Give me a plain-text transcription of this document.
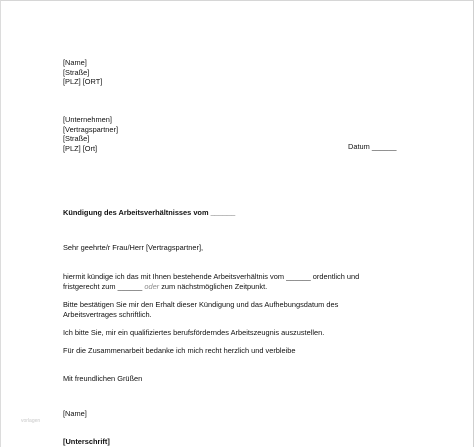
[Name]
[Straße]
[PLZ] [ORT]
[Unternehmen]
[Vertragspartner]
[Straße]
[PLZ] [Ort]	Datum ______
Kündigung des Arbeitsverhältnisses vom ______
Sehr geehrte/r Frau/Herr [Vertragspartner],
hiermit kündige ich das mit Ihnen bestehende Arbeitsverhältnis vom ______ ordentlich und
fristgerecht zum ______ oder zum nächstmöglichen Zeitpunkt.
Bitte bestätigen Sie mir den Erhalt dieser Kündigung und das Aufhebungsdatum des
Arbeitsvertrages schriftlich.
Ich bitte Sie, mir ein qualifiziertes berufsförderndes Arbeitszeugnis auszustellen.
Für die Zusammenarbeit bedanke ich mich recht herzlich und verbleibe
Mit freundlichen Grüßen
vorlagen
[Name]
[Unterschrift]
